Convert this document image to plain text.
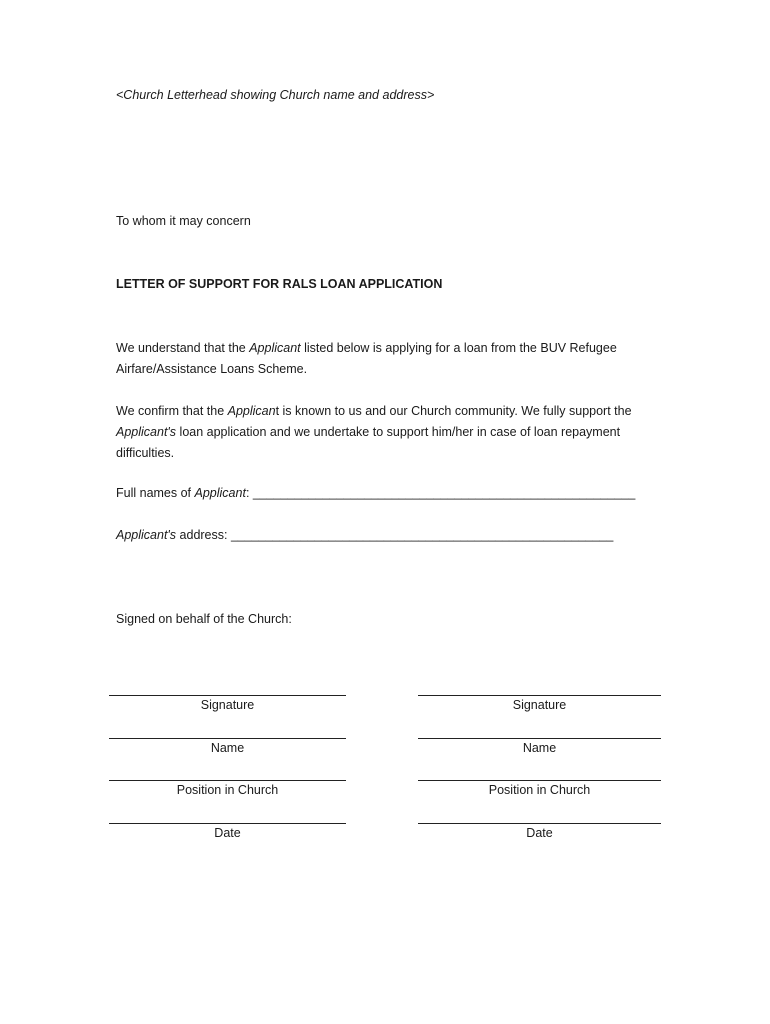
<Church Letterhead showing Church name and address>
To whom it may concern
LETTER OF SUPPORT FOR RALS LOAN APPLICATION
We understand that the Applicant listed below is applying for a loan from the BUV Refugee Airfare/Assistance Loans Scheme.
We confirm that the Applicant is known to us and our Church community. We fully support the Applicant's loan application and we undertake to support him/her in case of loan repayment difficulties.
Full names of Applicant: _______________________________________________________
Applicant's address: _______________________________________________________
Signed on behalf of the Church:
Signature
Name
Position in Church
Date
Signature
Name
Position in Church
Date
